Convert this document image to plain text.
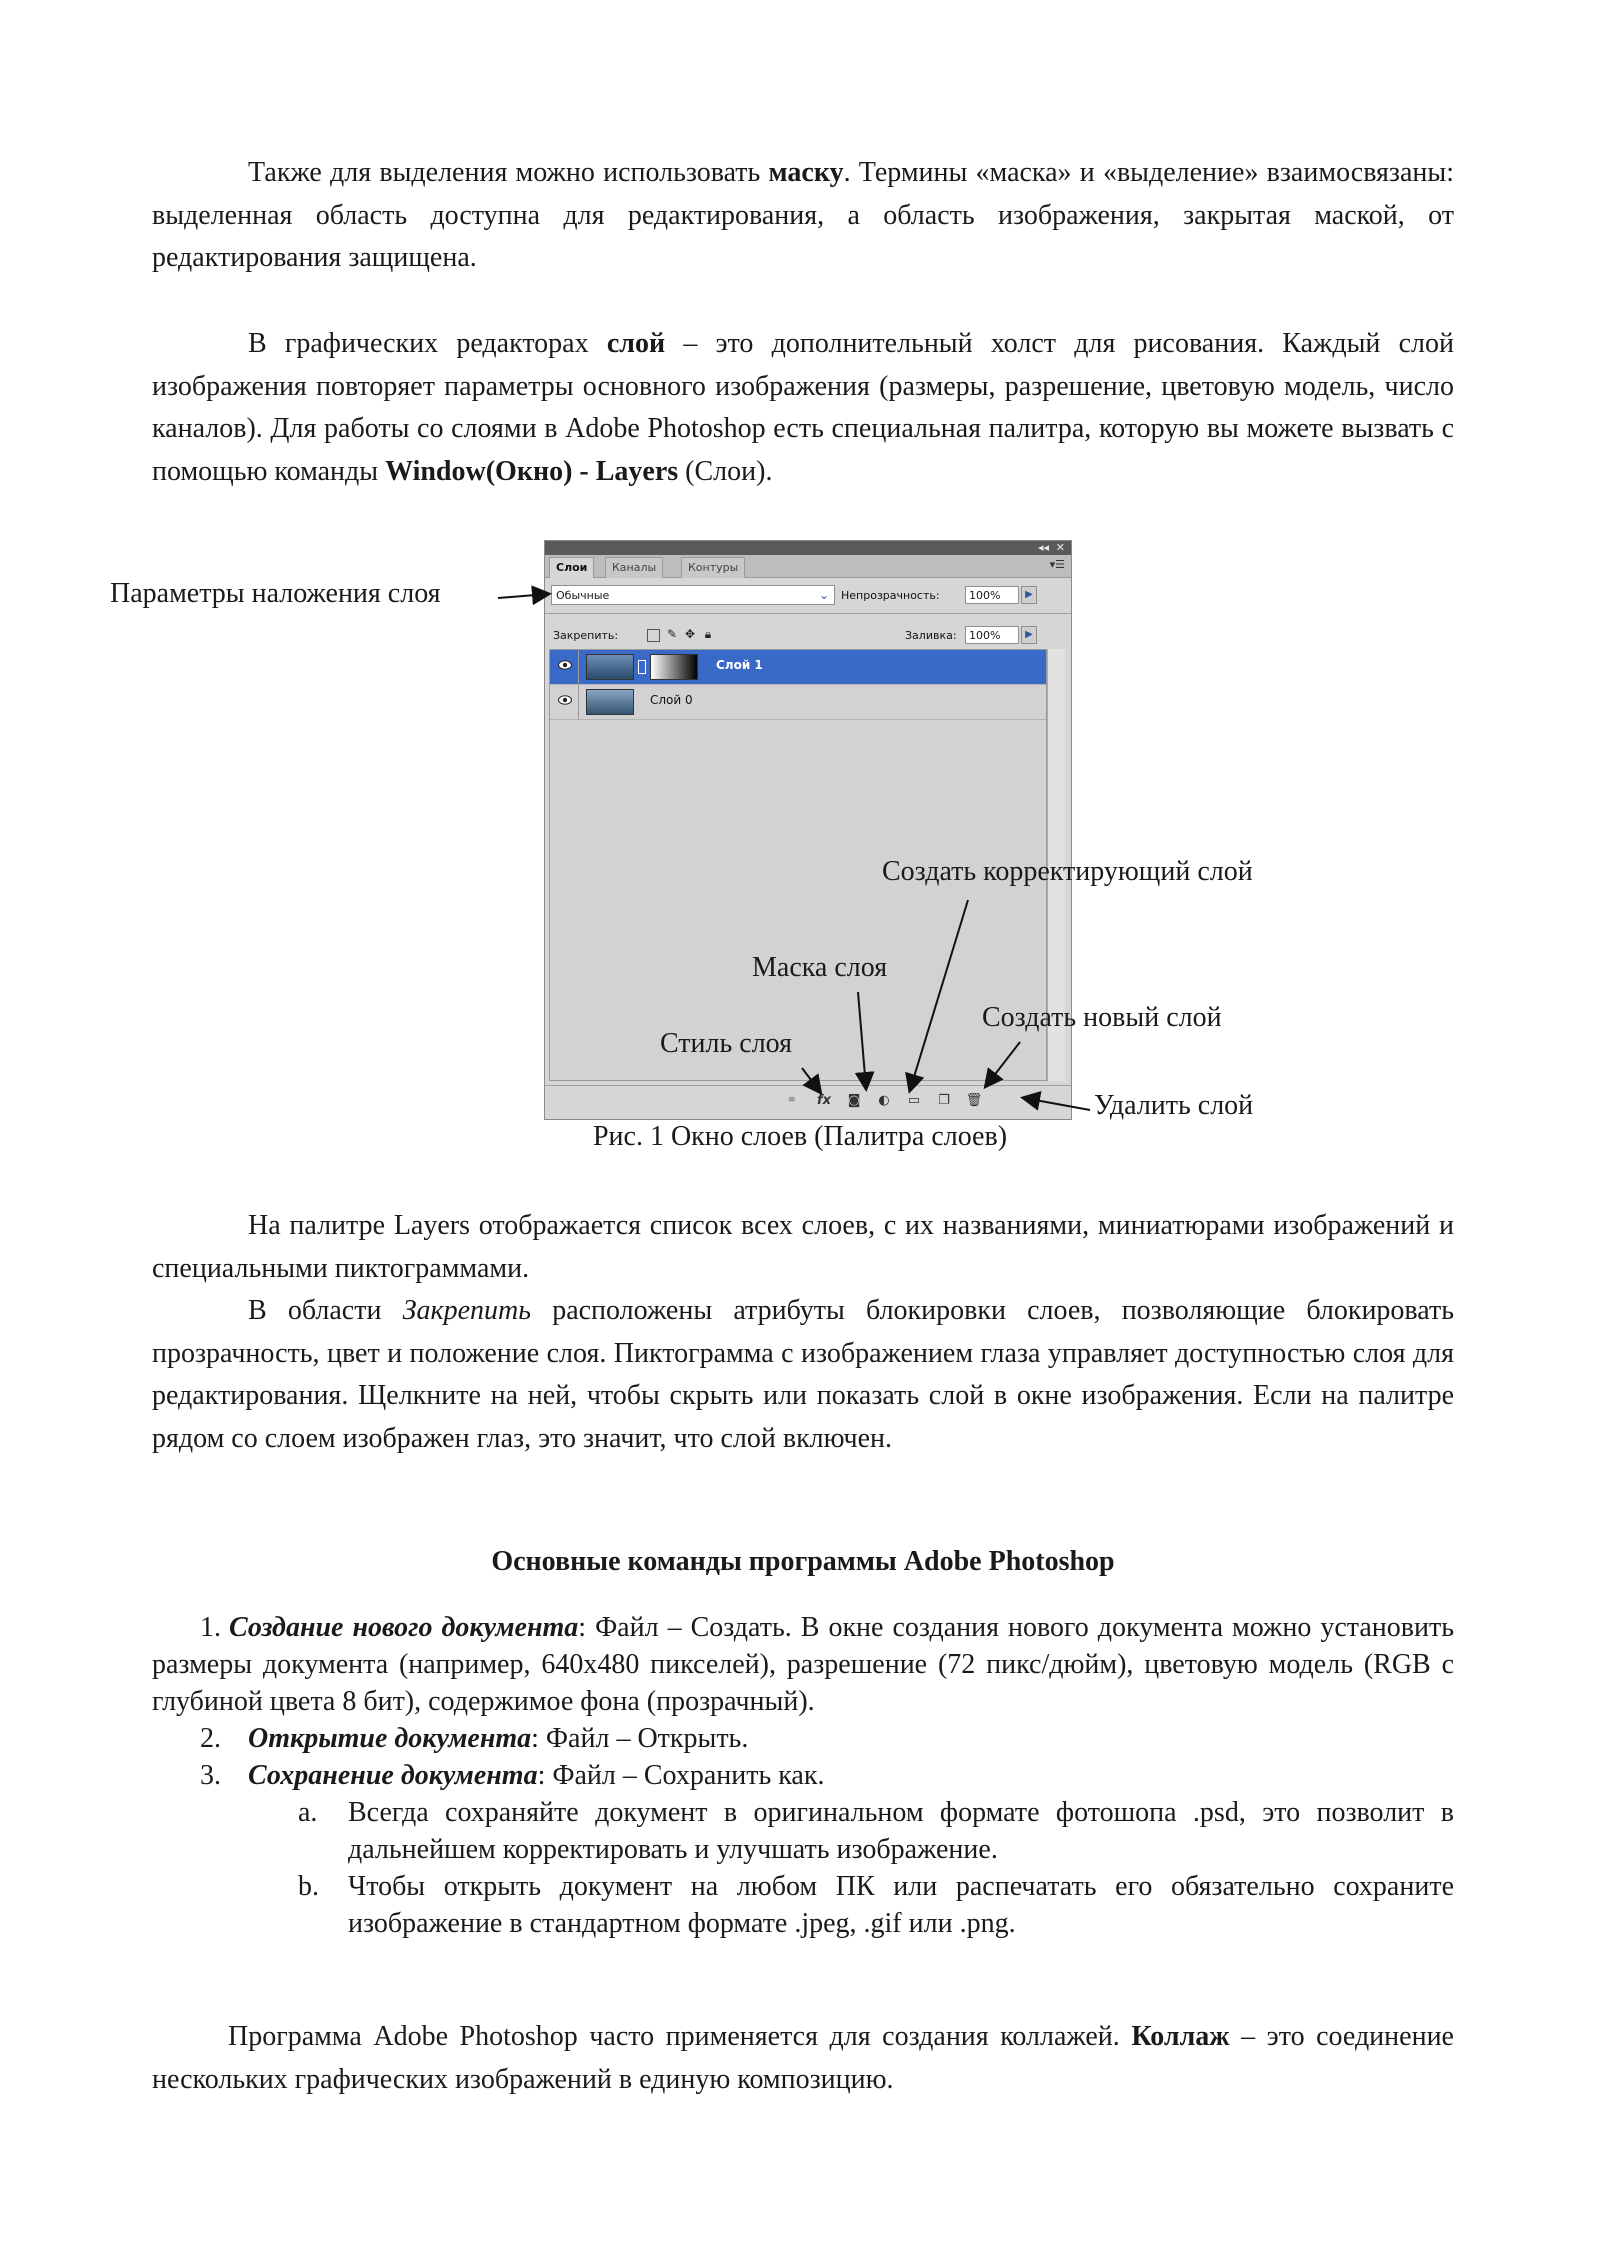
Также для выделения можно использовать маску. Термины «маска» и «выделение» взаимосвязаны: выделенная область доступна для редактирования, а область изображения, закрытая маской, от редактирования защищена.

В графических редакторах слой – это дополнительный холст для рисования. Каждый слой изображения повторяет параметры основного изображения (размеры, разрешение, цветовую модель, число каналов). Для работы со слоями в Adobe Photoshop есть специальная палитра, которую вы можете вызвать с помощью команды Window(Окно) - Layers (Слои).

◂◂ ✕
Слои	Каналы	Контуры	▾☰
Обычные	⌄ Непрозрачность:	100%	▶
Закрепить:	✎ ✥ 🔒︎	Заливка:	100%	▶
Слой 1
Слой 0
⚭ fx ◙ ◐ ▭ ❐ 🗑︎
Параметры наложения слоя
Создать корректирующий слой
Маска слоя
Создать новый слой
Стиль слоя
Удалить слой
Рис. 1 Окно слоев (Палитра слоев)

На палитре Layers отображается список всех слоев, с их названиями, миниатюрами изображений и специальными пиктограммами.

В области Закрепить расположены атрибуты блокировки слоев, позволяющие блокировать прозрачность, цвет и положение слоя. Пиктограмма с изображением глаза управляет доступностью слоя для редактирования. Щелкните на ней, чтобы скрыть или показать слой в окне изображения. Если на палитре рядом со слоем изображен глаз, это значит, что слой включен.

Основные команды программы Adobe Photoshop
1. Создание нового документа: Файл – Создать. В окне создания нового документа можно установить размеры документа (например, 640х480 пикселей), разрешение (72 пикс/дюйм), цветовую модель (RGB с глубиной цвета 8 бит), содержимое фона (прозрачный).
2. Открытие документа: Файл – Открыть.
3. Сохранение документа: Файл – Сохранить как.
a. Всегда сохраняйте документ в оригинальном формате фотошопа .psd, это позволит в дальнейшем корректировать и улучшать изображение.
b. Чтобы открыть документ на любом ПК или распечатать его обязательно сохраните изображение в стандартном формате .jpeg, .gif или .png.

Программа Adobe Photoshop часто применяется для создания коллажей. Коллаж – это соединение нескольких графических изображений в единую композицию.
